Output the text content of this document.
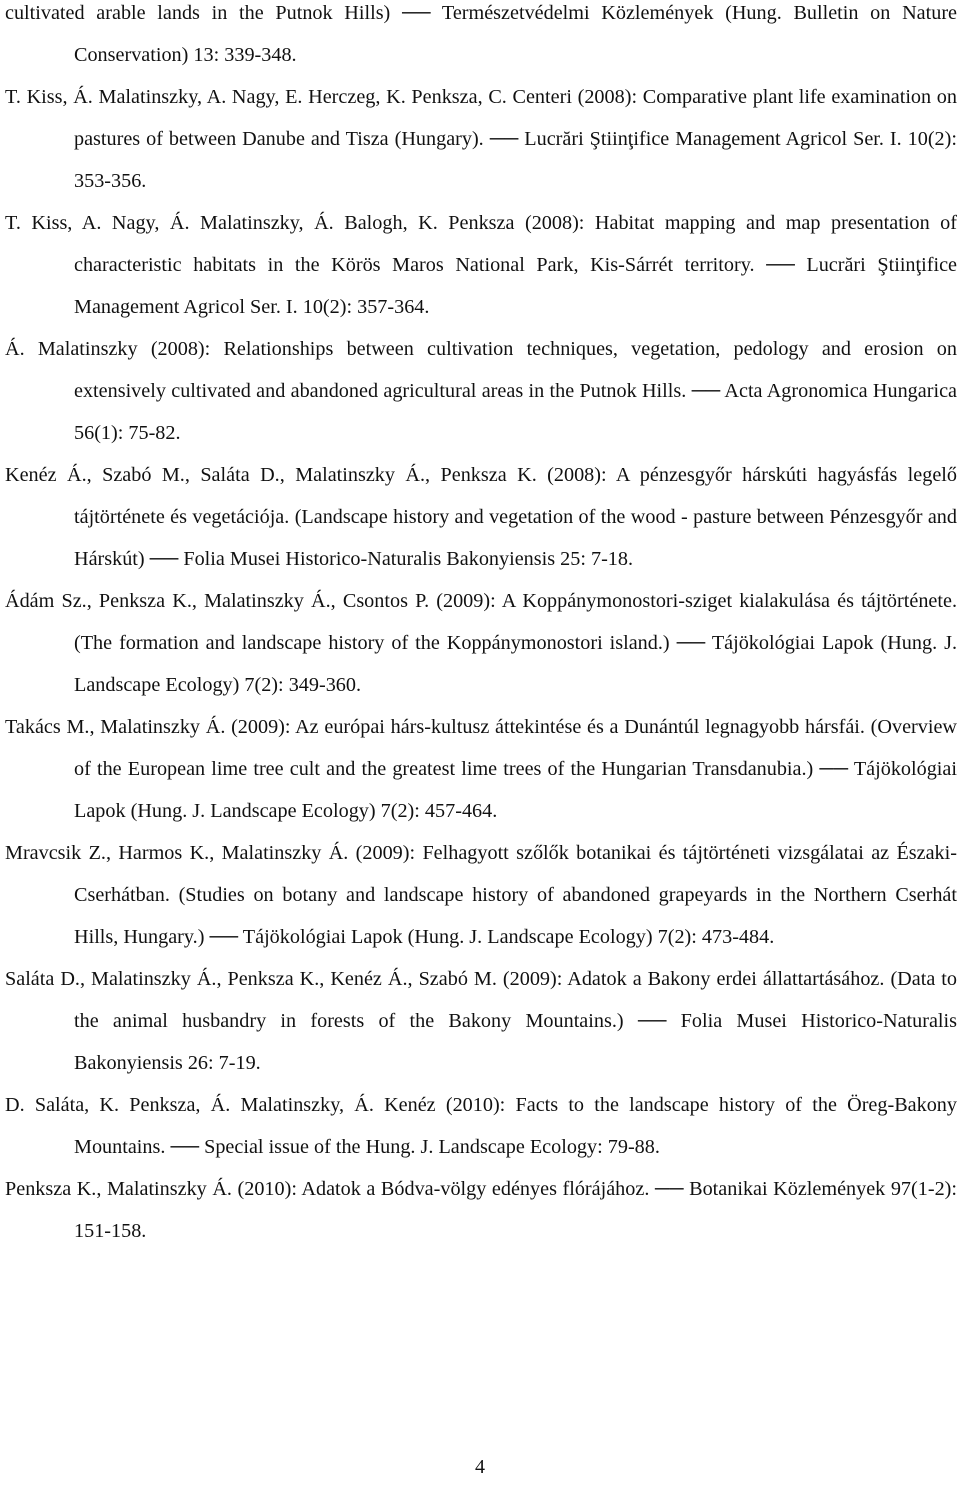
cultivated arable lands in the Putnok Hills) ── Természetvédelmi Közlemények (Hung. Bulletin on Nature Conservation) 13: 339-348.

T. Kiss, Á. Malatinszky, A. Nagy, E. Herczeg, K. Penksza, C. Centeri (2008): Comparative plant life examination on pastures of between Danube and Tisza (Hungary). ── Lucrări Ştiinţifice Management Agricol Ser. I. 10(2): 353-356.

T. Kiss, A. Nagy, Á. Malatinszky, Á. Balogh, K. Penksza (2008): Habitat mapping and map presentation of characteristic habitats in the Körös Maros National Park, Kis-Sárrét territory. ── Lucrări Ştiinţifice Management Agricol Ser. I. 10(2): 357-364.

Á. Malatinszky (2008): Relationships between cultivation techniques, vegetation, pedology and erosion on extensively cultivated and abandoned agricultural areas in the Putnok Hills. ── Acta Agronomica Hungarica 56(1): 75-82.

Kenéz Á., Szabó M., Saláta D., Malatinszky Á., Penksza K. (2008): A pénzesgyőr hárskúti hagyásfás legelő tájtörténete és vegetációja. (Landscape history and vegetation of the wood - pasture between Pénzesgyőr and Hárskút) ── Folia Musei Historico-Naturalis Bakonyiensis 25: 7-18.

Ádám Sz., Penksza K., Malatinszky Á., Csontos P. (2009): A Koppánymonostori-sziget kialakulása és tájtörténete. (The formation and landscape history of the Koppánymonostori island.) ── Tájökológiai Lapok (Hung. J. Landscape Ecology) 7(2): 349-360.

Takács M., Malatinszky Á. (2009): Az európai hárs-kultusz áttekintése és a Dunántúl legnagyobb hársfái. (Overview of the European lime tree cult and the greatest lime trees of the Hungarian Transdanubia.) ── Tájökológiai Lapok (Hung. J. Landscape Ecology) 7(2): 457-464.

Mravcsik Z., Harmos K., Malatinszky Á. (2009): Felhagyott szőlők botanikai és tájtörténeti vizsgálatai az Északi-Cserhátban. (Studies on botany and landscape history of abandoned grapeyards in the Northern Cserhát Hills, Hungary.) ── Tájökológiai Lapok (Hung. J. Landscape Ecology) 7(2): 473-484.

Saláta D., Malatinszky Á., Penksza K., Kenéz Á., Szabó M. (2009): Adatok a Bakony erdei állattartásához. (Data to the animal husbandry in forests of the Bakony Mountains.) ── Folia Musei Historico-Naturalis Bakonyiensis 26: 7-19.

D. Saláta, K. Penksza, Á. Malatinszky, Á. Kenéz (2010): Facts to the landscape history of the Öreg-Bakony Mountains. ── Special issue of the Hung. J. Landscape Ecology: 79-88.

Penksza K., Malatinszky Á. (2010): Adatok a Bódva-völgy edényes flórájához. ── Botanikai Közlemények 97(1-2): 151-158.

4
